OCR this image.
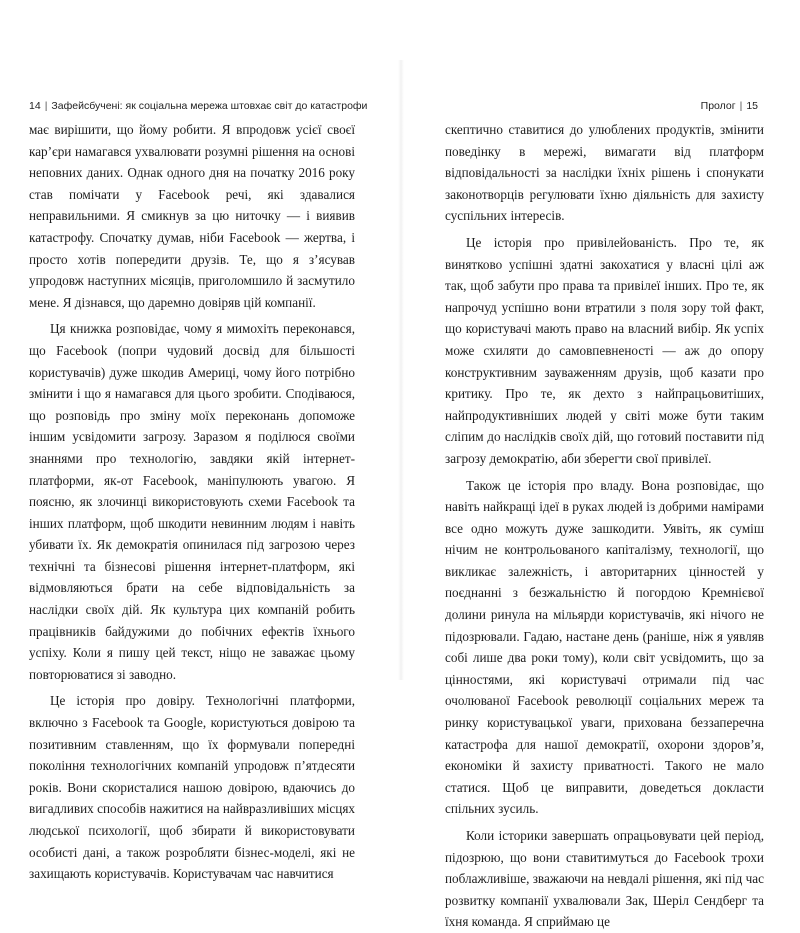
14 | Зафейсбучені: як соціальна мережа штовхає світ до катастрофи

має вирішити, що йому робити. Я впродовж усієї своєї кар’єри намагався ухвалювати розумні рішення на основі неповних даних. Однак одного дня на початку 2016 року став помічати у Facebook речі, які здавалися неправильними. Я смикнув за цю ниточку — і виявив катастрофу. Спочатку думав, ніби Facebook — жертва, і просто хотів попередити друзів. Те, що я з’ясував упродовж наступних місяців, приголомшило й засмутило мене. Я дізнався, що даремно довіряв цій компанії.

Ця книжка розповідає, чому я мимохіть переконався, що Facebook (попри чудовий досвід для більшості користувачів) дуже шкодив Америці, чому його потрібно змінити і що я намагався для цього зробити. Сподіваюся, що розповідь про зміну моїх переконань допоможе іншим усвідомити загрозу. Заразом я поділюся своїми знаннями про технологію, завдяки якій інтернет-платформи, як-от Facebook, маніпулюють увагою. Я поясню, як злочинці використовують схеми Facebook та інших платформ, щоб шкодити невинним людям і навіть убивати їх. Як демократія опинилася під загрозою через технічні та бізнесові рішення інтернет-платформ, які відмовляються брати на себе відповідальність за наслідки своїх дій. Як культура цих компаній робить працівників байдужими до побічних ефектів їхнього успіху. Коли я пишу цей текст, ніщо не заважає цьому повторюватися зі заводно.

Це історія про довіру. Технологічні платформи, включно з Facebook та Google, користуються довірою та позитивним ставленням, що їх формували попередні покоління технологічних компаній упродовж п’ятдесяти років. Вони скористалися нашою довірою, вдаючись до вигадливих способів нажитися на найвразливіших місцях людської психології, щоб збирати й використовувати особисті дані, а також розробляти бізнес-моделі, які не захищають користувачів. Користувачам час навчитися

Пролог | 15

скептично ставитися до улюблених продуктів, змінити поведінку в мережі, вимагати від платформ відповідальності за наслідки їхніх рішень і спонукати законотворців регулювати їхню діяльність для захисту суспільних інтересів.

Це історія про привілейованість. Про те, як винятково успішні здатні закохатися у власні цілі аж так, щоб забути про права та привілеї інших. Про те, як напрочуд успішно вони втратили з поля зору той факт, що користувачі мають право на власний вибір. Як успіх може схиляти до самовпевненості — аж до опору конструктивним зауваженням друзів, щоб казати про критику. Про те, як дехто з найпрацьовитіших, найпродуктивніших людей у світі може бути таким сліпим до наслідків своїх дій, що готовий поставити під загрозу демократію, аби зберегти свої привілеї.

Також це історія про владу. Вона розповідає, що навіть найкращі ідеї в руках людей із добрими намірами все одно можуть дуже зашкодити. Уявіть, як суміш нічим не контрольованого капіталізму, технології, що викликає залежність, і авторитарних цінностей у поєднанні з безжальністю й погордою Кремнієвої долини ринула на мільярди користувачів, які нічого не підозрювали. Гадаю, настане день (раніше, ніж я уявляв собі лише два роки тому), коли світ усвідомить, що за цінностями, які користувачі отримали під час очолюваної Facebook революції соціальних мереж та ринку користувацької уваги, прихована беззаперечна катастрофа для нашої демократії, охорони здоров’я, економіки й захисту приватності. Такого не мало статися. Щоб це виправити, доведеться докласти спільних зусиль.

Коли історики завершать опрацьовувати цей період, підозрюю, що вони ставитимуться до Facebook трохи поблажливіше, зважаючи на невдалі рішення, які під час розвитку компанії ухвалювали Зак, Шеріл Сендберг та їхня команда. Я сприймаю це
